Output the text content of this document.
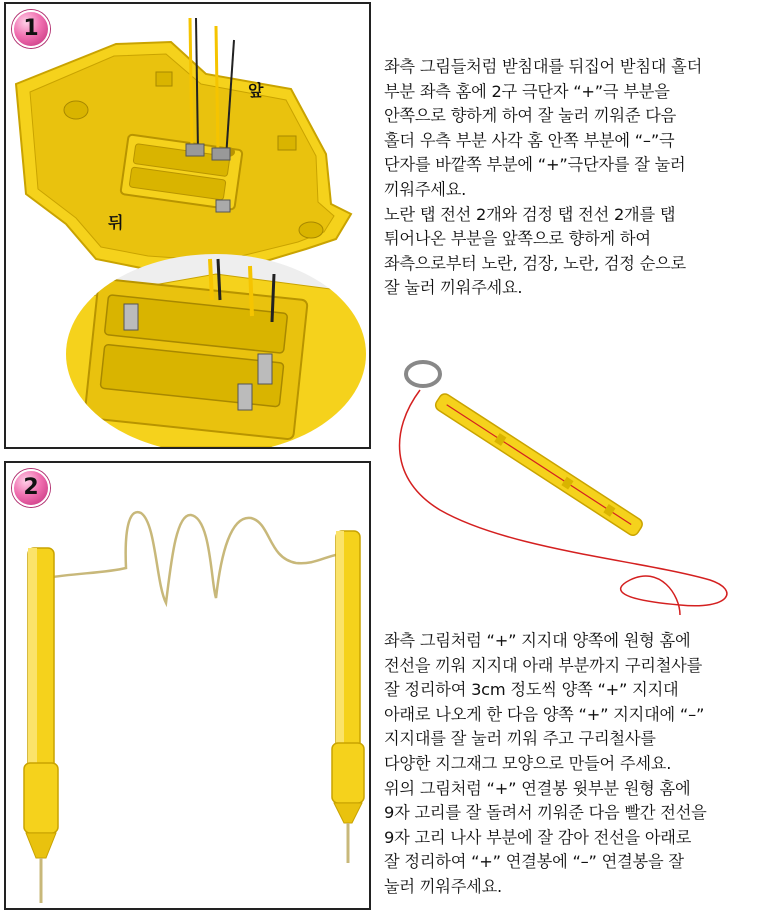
1
앞
뒤
2

좌측 그림들처럼 받침대를 뒤집어 받침대 홀더
부분 좌측 홈에 2구 극단자 “+”극 부분을
안쪽으로 향하게 하여 잘 눌러 끼워준 다음
홀더 우측 부분 사각 홈 안쪽 부분에 “–”극
단자를 바깥쪽 부분에 “+”극단자를 잘 눌러
끼워주세요.
노란 탭 전선 2개와 검정 탭 전선 2개를 탭
튀어나온 부분을 앞쪽으로 향하게 하여
좌측으로부터 노란, 검장, 노란, 검정 순으로
잘 눌러 끼워주세요.

좌측 그림처럼 “+” 지지대 양쪽에 원형 홈에
전선을 끼워 지지대 아래 부분까지 구리철사를
잘 정리하여 3cm 정도씩 양쪽 “+” 지지대
아래로 나오게 한 다음 양쪽 “+” 지지대에 “–”
지지대를 잘 눌러 끼워 주고 구리철사를
다양한 지그재그 모양으로 만들어 주세요.
위의 그림처럼 “+” 연결봉 윗부분 원형 홈에
9자 고리를 잘 돌려서 끼워준 다음 빨간 전선을
9자 고리 나사 부분에 잘 감아 전선을 아래로
잘 정리하여 “+” 연결봉에 “–” 연결봉을 잘
눌러 끼워주세요.
